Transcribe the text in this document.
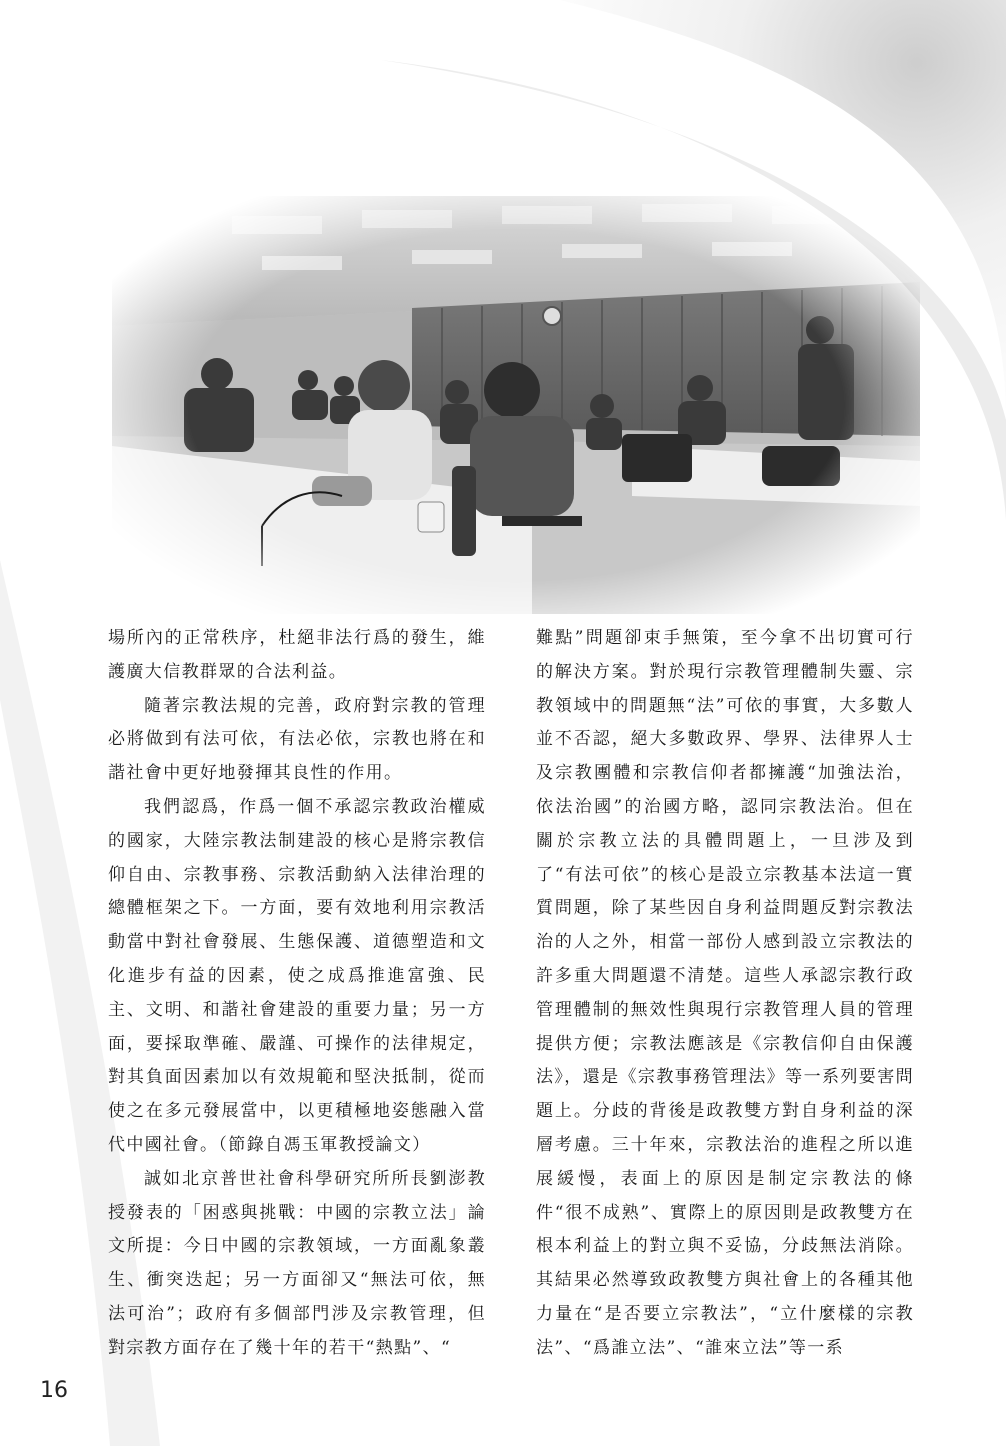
場所內的正常秩序，杜絕非法行爲的發生，維護廣大信教群眾的合法利益。

隨著宗教法規的完善，政府對宗教的管理必將做到有法可依，有法必依，宗教也將在和諧社會中更好地發揮其良性的作用。

我們認爲，作爲一個不承認宗教政治權威的國家，大陸宗教法制建設的核心是將宗教信仰自由、宗教事務、宗教活動納入法律治理的總體框架之下。一方面，要有效地利用宗教活動當中對社會發展、生態保護、道德塑造和文化進步有益的因素，使之成爲推進富強、民主、文明、和諧社會建設的重要力量；另一方面，要採取準確、嚴謹、可操作的法律規定，對其負面因素加以有效規範和堅決抵制，從而使之在多元發展當中，以更積極地姿態融入當代中國社會。（節錄自馮玉軍教授論文）

誠如北京普世社會科學研究所所長劉澎教授發表的「困惑與挑戰：中國的宗教立法」論文所提：今日中國的宗教領域，一方面亂象叢生、衝突迭起；另一方面卻又“無法可依，無法可治”；政府有多個部門涉及宗教管理，但對宗教方面存在了幾十年的若干“熱點”、“

難點”問題卻束手無策，至今拿不出切實可行的解決方案。對於現行宗教管理體制失靈、宗教領域中的問題無“法”可依的事實，大多數人並不否認，絕大多數政界、學界、法律界人士及宗教團體和宗教信仰者都擁護“加強法治，依法治國”的治國方略，認同宗教法治。但在關於宗教立法的具體問題上，一旦涉及到了“有法可依”的核心是設立宗教基本法這一實質問題，除了某些因自身利益問題反對宗教法治的人之外，相當一部份人感到設立宗教法的許多重大問題還不清楚。這些人承認宗教行政管理體制的無效性與現行宗教管理人員的管理提供方便；宗教法應該是《宗教信仰自由保護法》，還是《宗教事務管理法》等一系列要害問題上。分歧的背後是政教雙方對自身利益的深層考慮。三十年來，宗教法治的進程之所以進展緩慢，表面上的原因是制定宗教法的條件“很不成熟”、實際上的原因則是政教雙方在根本利益上的對立與不妥協，分歧無法消除。其結果必然導致政教雙方與社會上的各種其他力量在“是否要立宗教法”，“立什麼樣的宗教法”、“爲誰立法”、“誰來立法”等一系

16
